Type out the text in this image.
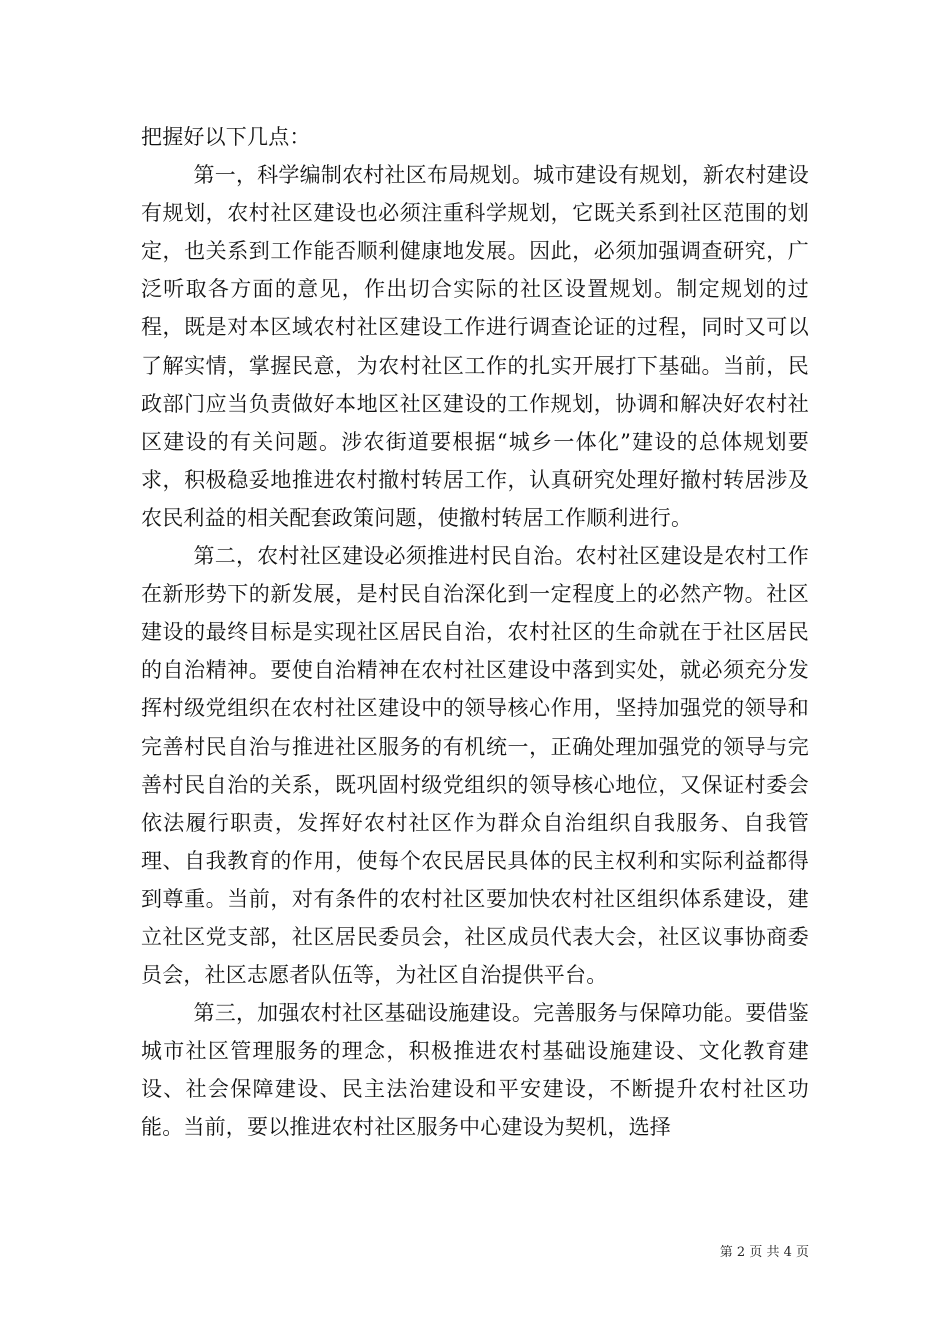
把握好以下几点：

第一，科学编制农村社区布局规划。城市建设有规划，新农村建设有规划，农村社区建设也必须注重科学规划，它既关系到社区范围的划定，也关系到工作能否顺利健康地发展。因此，必须加强调查研究，广泛听取各方面的意见，作出切合实际的社区设置规划。制定规划的过程，既是对本区域农村社区建设工作进行调查论证的过程，同时又可以了解实情，掌握民意，为农村社区工作的扎实开展打下基础。当前，民政部门应当负责做好本地区社区建设的工作规划，协调和解决好农村社区建设的有关问题。涉农街道要根据“城乡一体化”建设的总体规划要求，积极稳妥地推进农村撤村转居工作，认真研究处理好撤村转居涉及农民利益的相关配套政策问题，使撤村转居工作顺利进行。

第二，农村社区建设必须推进村民自治。农村社区建设是农村工作在新形势下的新发展，是村民自治深化到一定程度上的必然产物。社区建设的最终目标是实现社区居民自治，农村社区的生命就在于社区居民的自治精神。要使自治精神在农村社区建设中落到实处，就必须充分发挥村级党组织在农村社区建设中的领导核心作用，坚持加强党的领导和完善村民自治与推进社区服务的有机统一，正确处理加强党的领导与完善村民自治的关系，既巩固村级党组织的领导核心地位，又保证村委会依法履行职责，发挥好农村社区作为群众自治组织自我服务、自我管理、自我教育的作用，使每个农民居民具体的民主权利和实际利益都得到尊重。当前，对有条件的农村社区要加快农村社区组织体系建设，建立社区党支部，社区居民委员会，社区成员代表大会，社区议事协商委员会，社区志愿者队伍等，为社区自治提供平台。

第三，加强农村社区基础设施建设。完善服务与保障功能。要借鉴城市社区管理服务的理念，积极推进农村基础设施建设、文化教育建设、社会保障建设、民主法治建设和平安建设，不断提升农村社区功能。当前，要以推进农村社区服务中心建设为契机，选择

第 2 页 共 4 页
